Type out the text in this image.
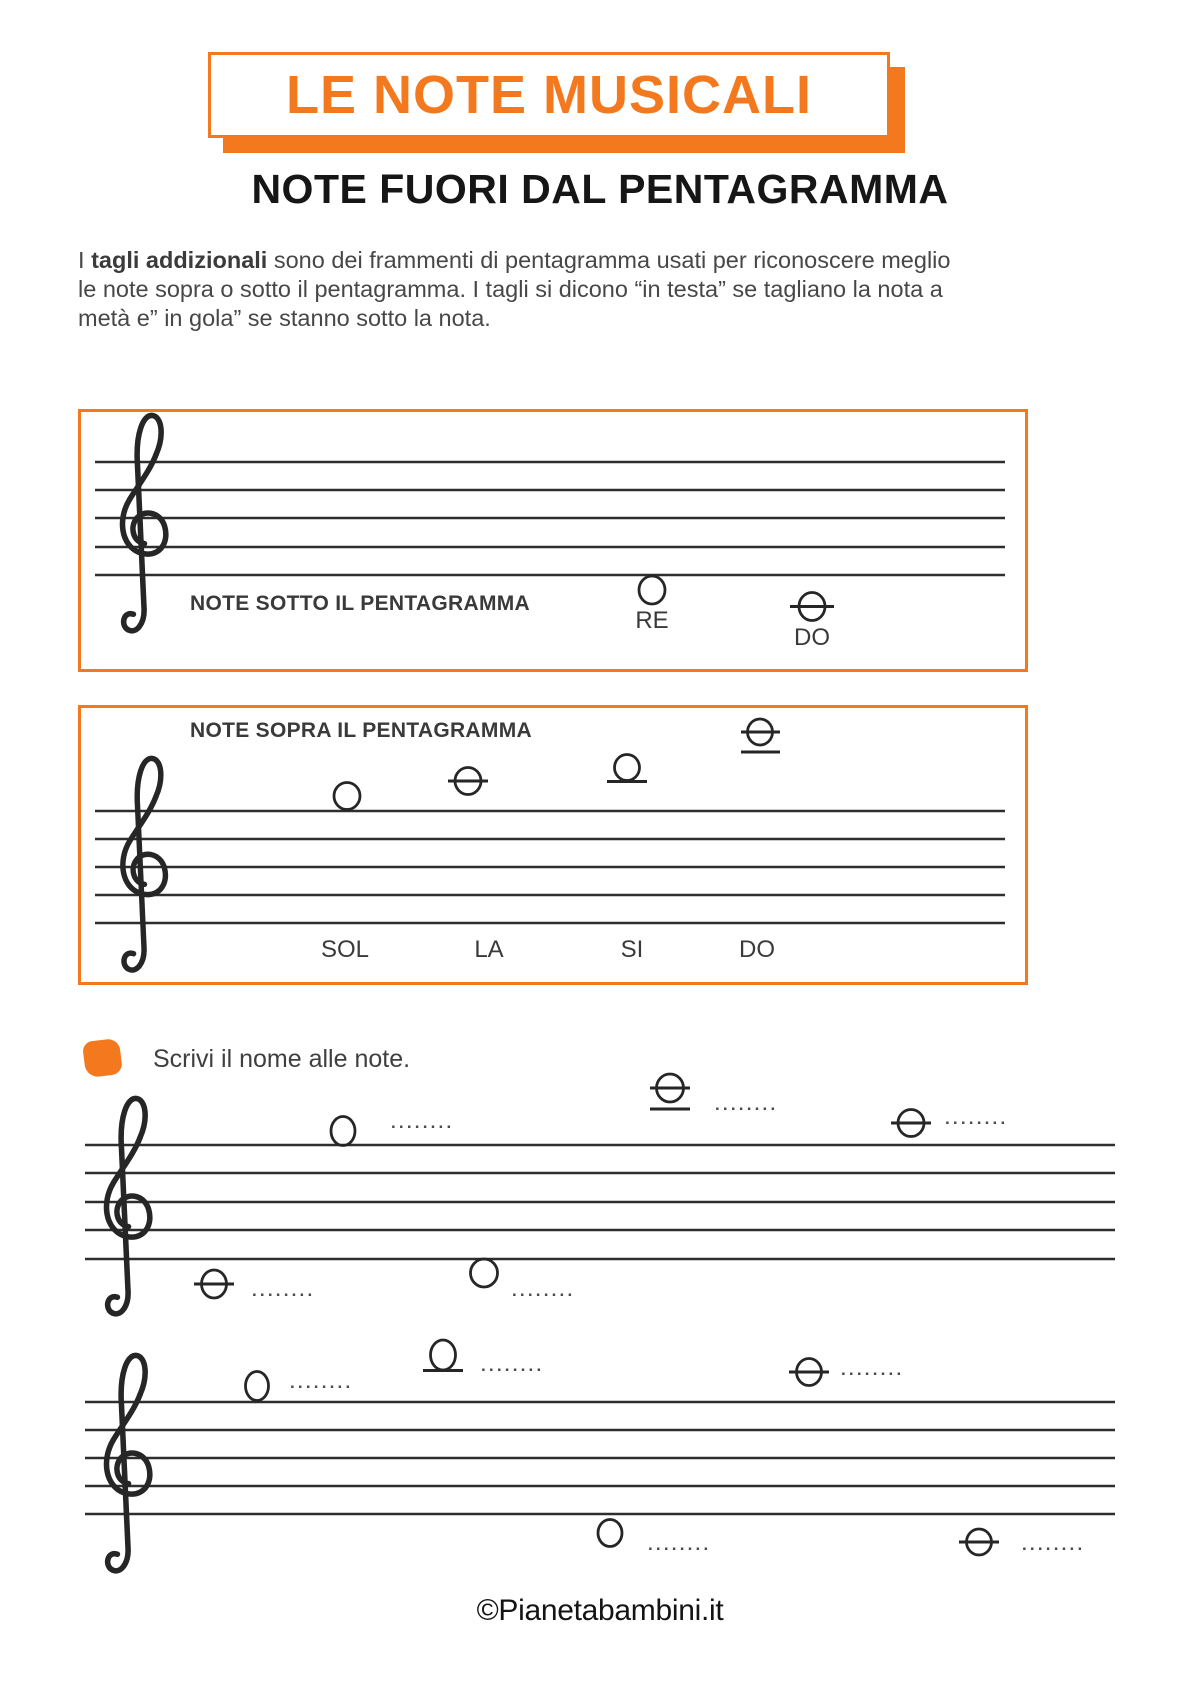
LE NOTE MUSICALI
NOTE FUORI DAL PENTAGRAMMA
I tagli addizionali sono dei frammenti di pentagramma usati per riconoscere meglio
le note sopra o sotto il pentagramma. I tagli si dicono “in testa” se tagliano la nota a
metà e” in gola” se stanno sotto la nota.
NOTE SOTTO IL PENTAGRAMMA
RE
DO
NOTE SOPRA IL PENTAGRAMMA
SOL	LA	SI	DO
Scrivi il nome alle note.
........
........
........
........	........
........
........	........
........	........
©Pianetabambini.it
